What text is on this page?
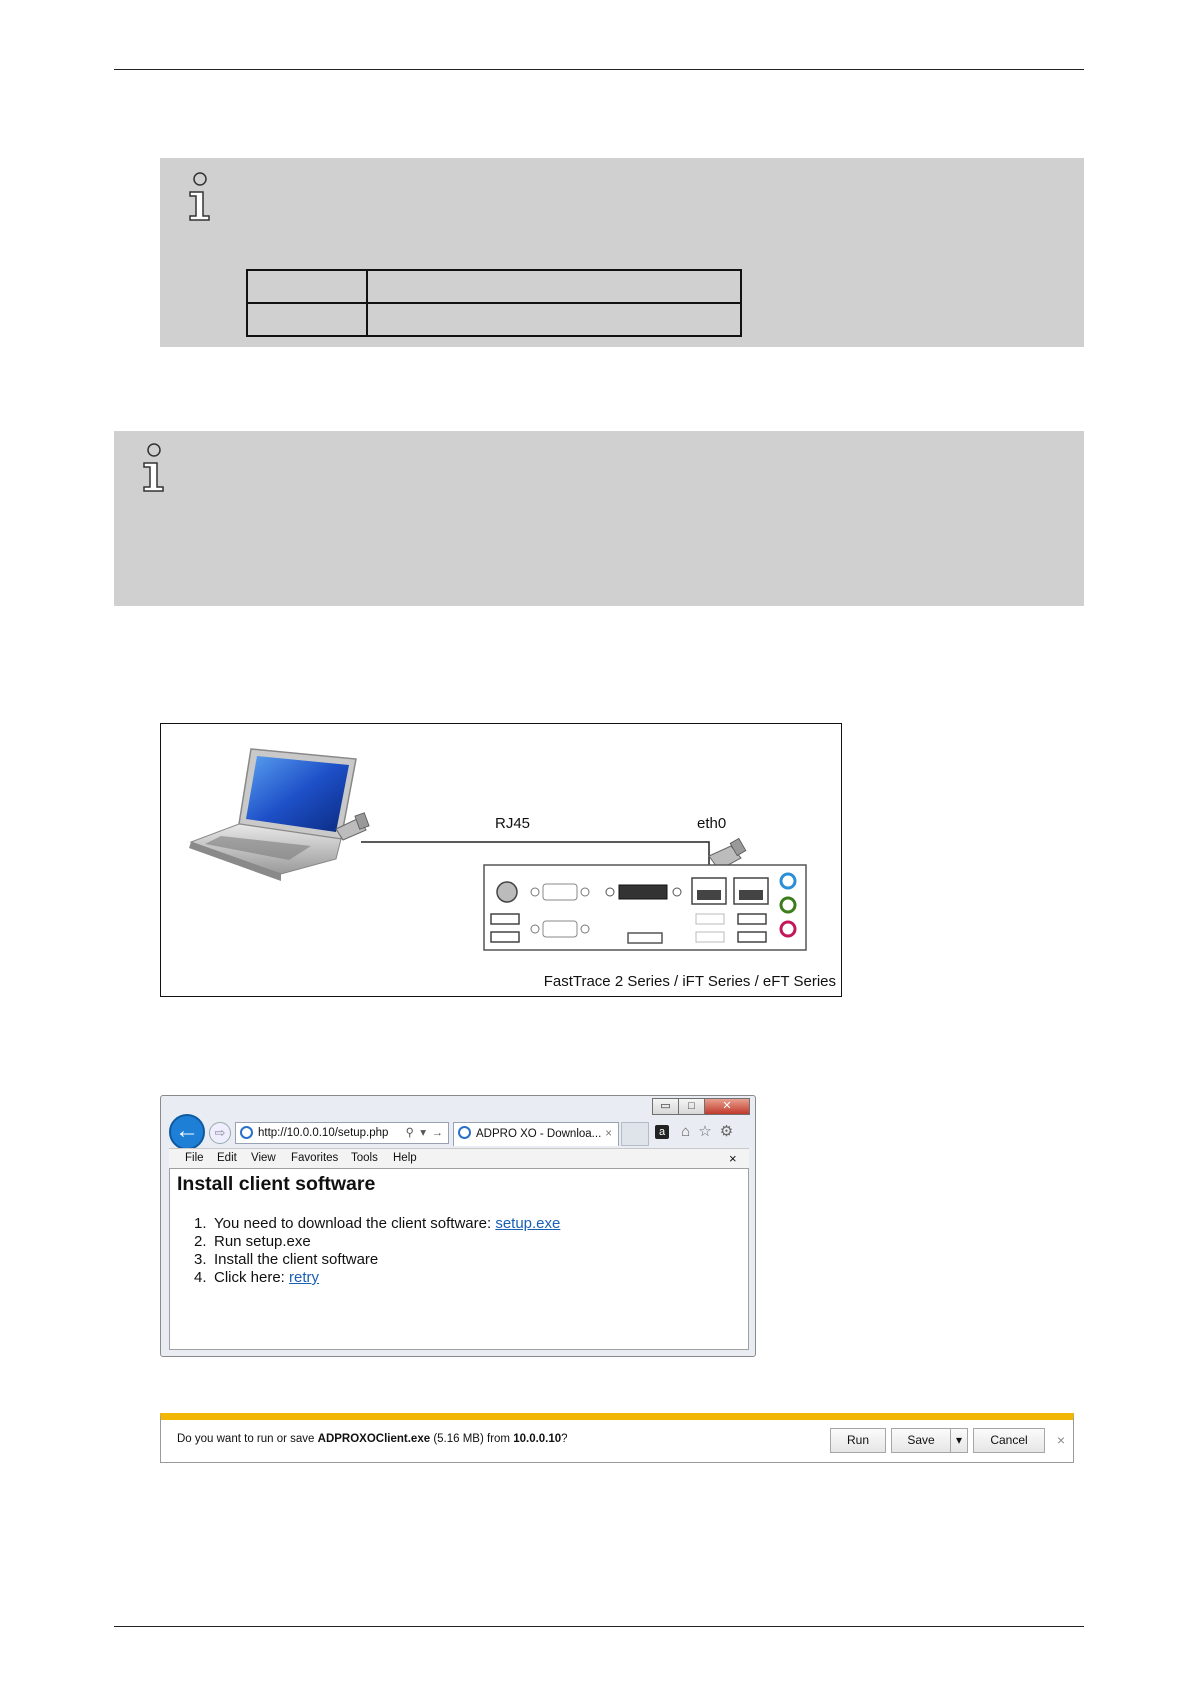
RJ45	eth0
FastTrace 2 Series / iFT Series / eFT Series
▭	□	✕
←	⇨	http://10.0.0.10/setup.php ⚲ ▾ →	ADPRO XO - Downloa... ×	a ⌂☆⚙
File Edit View Favorites Tools Help	×
Install client software
1. You need to download the client software: setup.exe
2. Run setup.exe
3. Install the client software
4. Click here: retry
Do you want to run or save ADPROXOClient.exe (5.16 MB) from 10.0.0.10?	Run	Save	▾	Cancel	×
